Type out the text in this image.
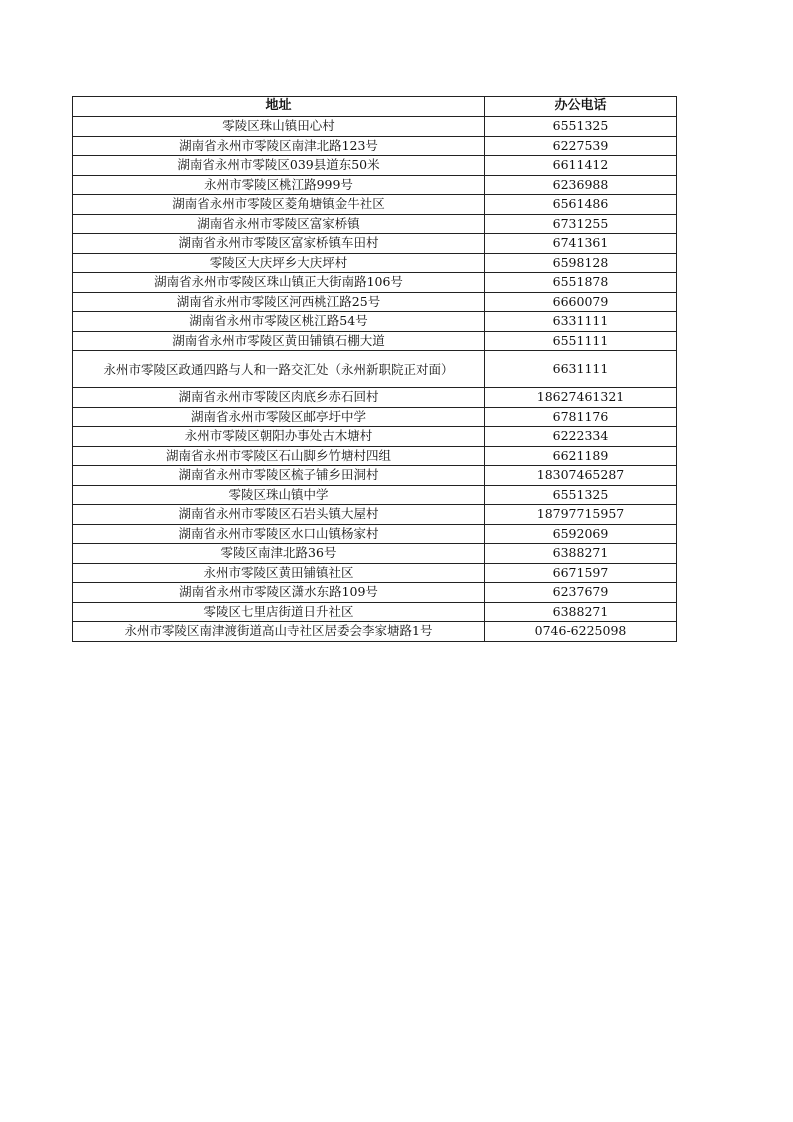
地址	办公电话
零陵区珠山镇田心村	6551325
湖南省永州市零陵区南津北路123号	6227539
湖南省永州市零陵区039县道东50米	6611412
永州市零陵区桃江路999号	6236988
湖南省永州市零陵区菱角塘镇金牛社区	6561486
湖南省永州市零陵区富家桥镇	6731255
湖南省永州市零陵区富家桥镇车田村	6741361
零陵区大庆坪乡大庆坪村	6598128
湖南省永州市零陵区珠山镇正大街南路106号	6551878
湖南省永州市零陵区河西桃江路25号	6660079
湖南省永州市零陵区桃江路54号	6331111
湖南省永州市零陵区黄田铺镇石棚大道	6551111
永州市零陵区政通四路与人和一路交汇处（永州新职院正对面）	6631111
湖南省永州市零陵区肉底乡赤石回村	18627461321
湖南省永州市零陵区邮亭圩中学	6781176
永州市零陵区朝阳办事处古木塘村	6222334
湖南省永州市零陵区石山脚乡竹塘村四组	6621189
湖南省永州市零陵区梳子铺乡田洞村	18307465287
零陵区珠山镇中学	6551325
湖南省永州市零陵区石岩头镇大屋村	18797715957
湖南省永州市零陵区水口山镇杨家村	6592069
零陵区南津北路36号	6388271
永州市零陵区黄田铺镇社区	6671597
湖南省永州市零陵区潇水东路109号	6237679
零陵区七里店街道日升社区	6388271
永州市零陵区南津渡街道高山寺社区居委会李家塘路1号	0746-6225098
